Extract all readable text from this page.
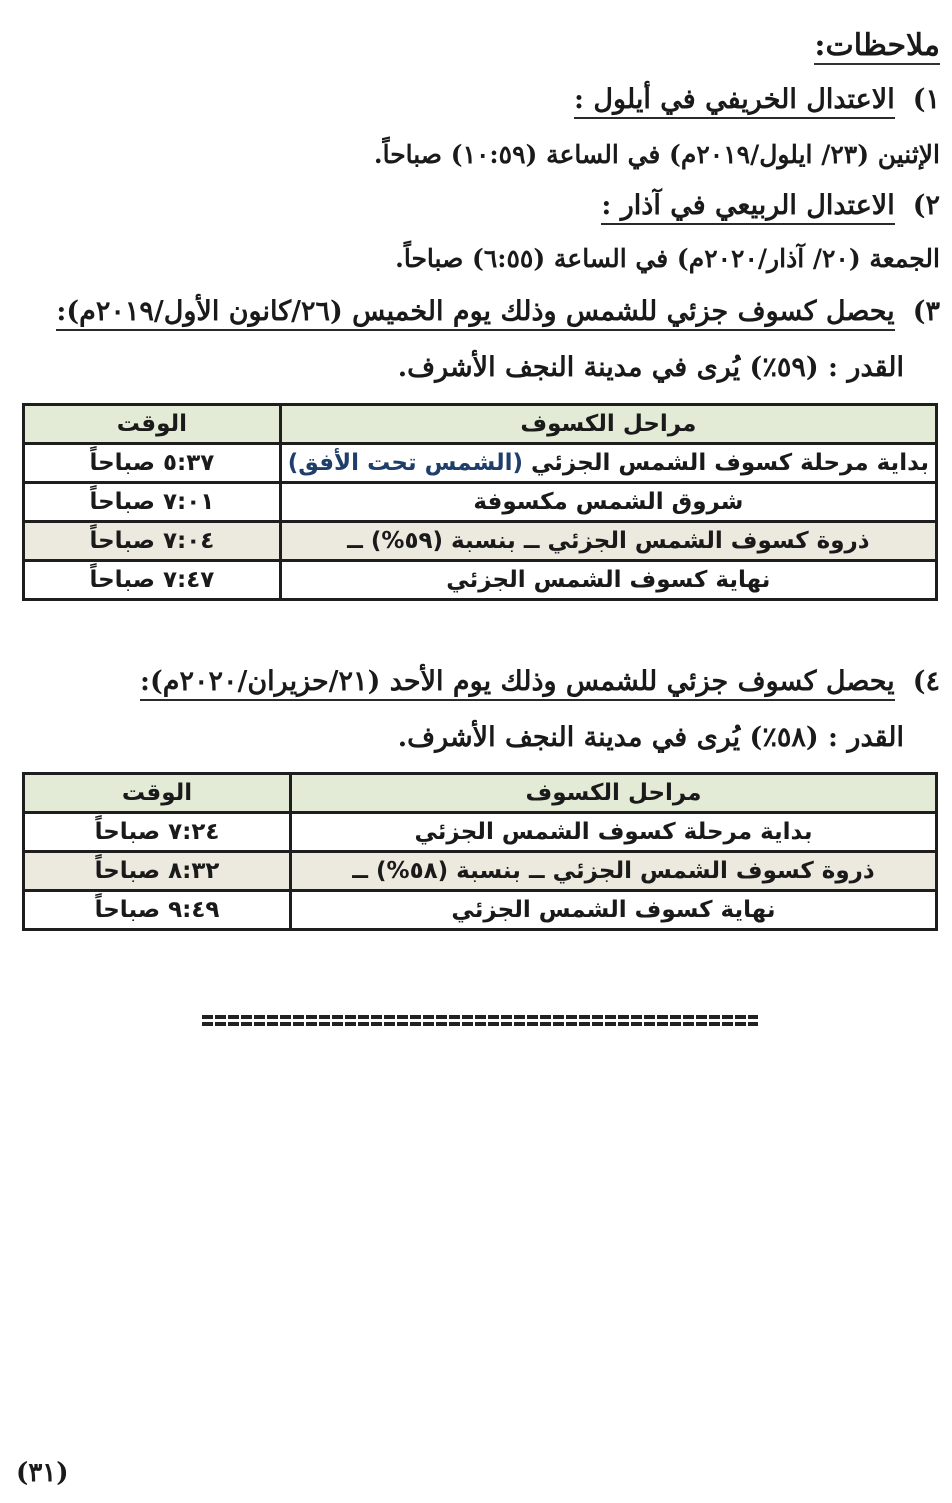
ملاحظات:
١)الاعتدال الخريفي في أيلول :
الإثنين (٢٣/ ايلول/٢٠١٩م) في الساعة (١٠:٥٩) صباحاً.
٢)الاعتدال الربيعي في آذار :
الجمعة (٢٠/ آذار/٢٠٢٠م) في الساعة (٦:٥٥) صباحاً.
٣)يحصل كسوف جزئي للشمس وذلك يوم الخميس (٢٦/كانون الأول/٢٠١٩م):
القدر : (٥٩٪) يُرى في مدينة النجف الأشرف.
مراحل الكسوف	الوقت
بداية مرحلة كسوف الشمس الجزئي (الشمس تحت الأفق)	٥:٣٧ صباحاً
شروق الشمس مكسوفة	٧:٠١ صباحاً
ذروة كسوف الشمس الجزئي ــ بنسبة (٥٩%) ــ	٧:٠٤ صباحاً
نهاية كسوف الشمس الجزئي	٧:٤٧ صباحاً
٤)يحصل كسوف جزئي للشمس وذلك يوم الأحد (٢١/حزيران/٢٠٢٠م):
القدر : (٥٨٪) يُرى في مدينة النجف الأشرف.
مراحل الكسوف	الوقت
بداية مرحلة كسوف الشمس الجزئي	٧:٢٤ صباحاً
ذروة كسوف الشمس الجزئي ــ بنسبة (٥٨%) ــ	٨:٣٢ صباحاً
نهاية كسوف الشمس الجزئي	٩:٤٩ صباحاً
(٣١)
